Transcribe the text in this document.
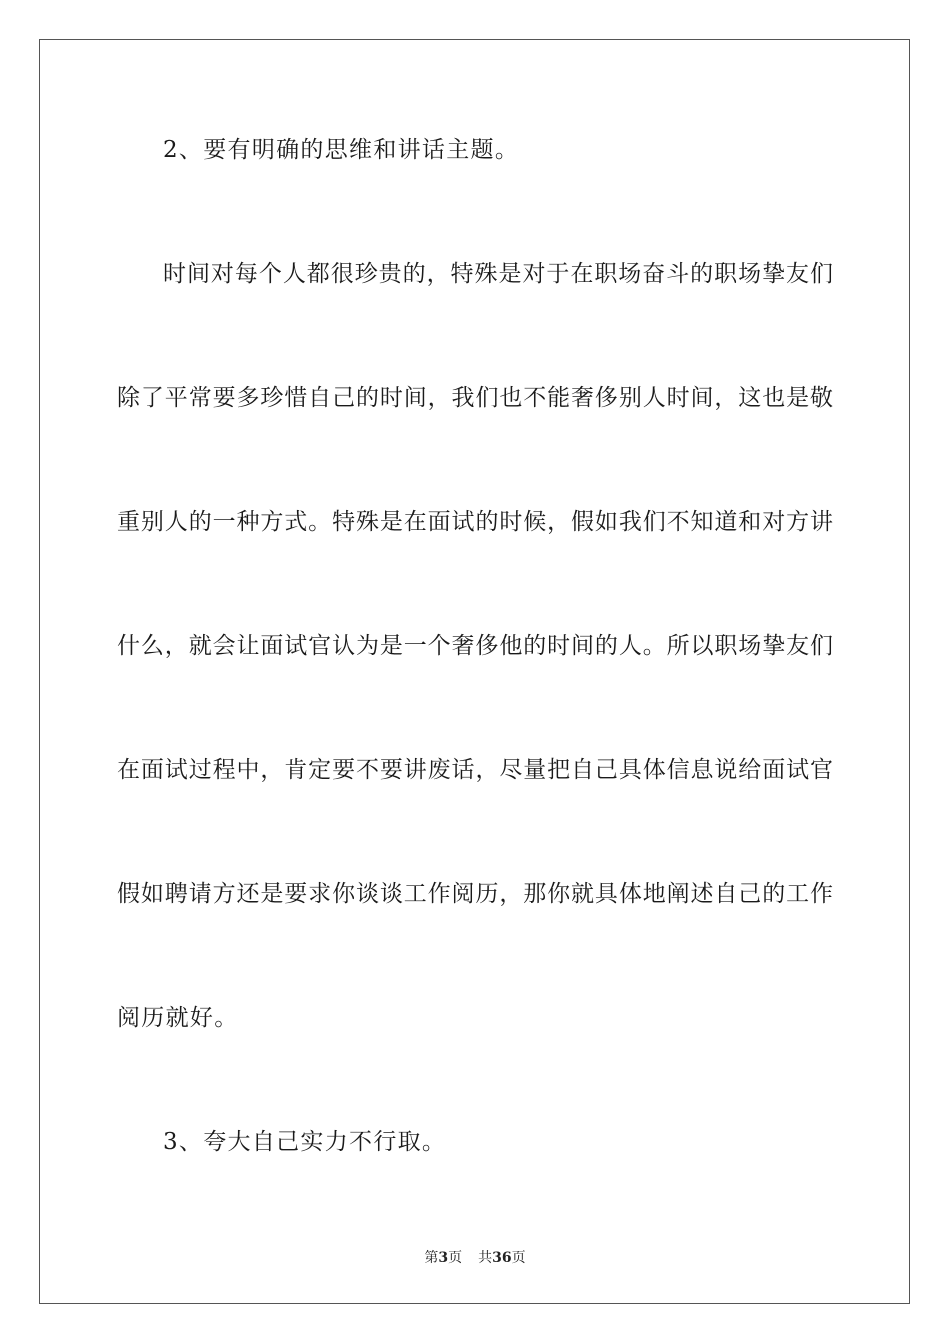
2、要有明确的思维和讲话主题。
时间对每个人都很珍贵的，特殊是对于在职场奋斗的职场挚友们
除了平常要多珍惜自己的时间，我们也不能奢侈别人时间，这也是敬
重别人的一种方式。特殊是在面试的时候，假如我们不知道和对方讲
什么，就会让面试官认为是一个奢侈他的时间的人。所以职场挚友们
在面试过程中，肯定要不要讲废话，尽量把自己具体信息说给面试官
假如聘请方还是要求你谈谈工作阅历，那你就具体地阐述自己的工作
阅历就好。
3、夸大自己实力不行取。
第3页 共36页
